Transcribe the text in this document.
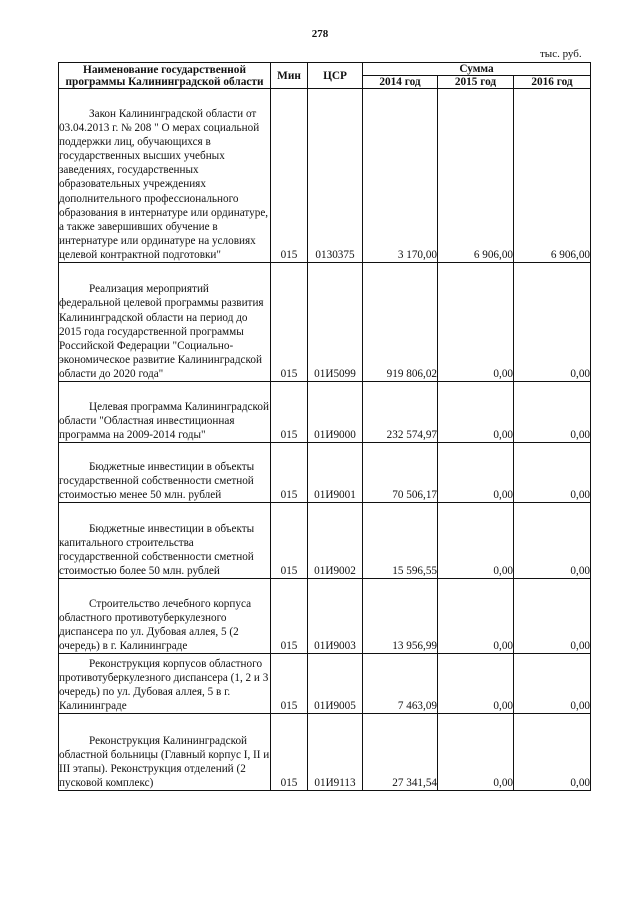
278
тыс. руб.
Наименование государственной программы Калининградской области	Мин	ЦСР	Сумма		
			2014 год	2015 год	2016 год
Закон Калининградской области от 03.04.2013 г. № 208 " О мерах социальной поддержки лиц, обучающихся в государственных высших учебных заведениях, государственных образовательных учреждениях дополнительного профессионального образования в интернатуре или ординатуре, а также завершивших обучение в интернатуре или ординатуре на условиях целевой контрактной подготовки"	015	0130375	3 170,00	6 906,00	6 906,00
Реализация мероприятий федеральной целевой программы развития Калининградской области на период до 2015 года государственной программы Российской Федерации "Социально-экономическое развитие Калининградской области до 2020 года"	015	01И5099	919 806,02	0,00	0,00
Целевая программа Калининградской области "Областная инвестиционная программа на 2009-2014 годы"	015	01И9000	232 574,97	0,00	0,00
Бюджетные инвестиции в объекты государственной собственности сметной стоимостью менее 50 млн. рублей	015	01И9001	70 506,17	0,00	0,00
Бюджетные инвестиции в объекты капитального строительства государственной собственности сметной стоимостью более 50 млн. рублей	015	01И9002	15 596,55	0,00	0,00
Строительство лечебного корпуса областного противотуберкулезного диспансера по ул. Дубовая аллея, 5 (2 очередь) в г. Калининграде	015	01И9003	13 956,99	0,00	0,00
Реконструкция корпусов областного противотуберкулезного диспансера (1, 2 и 3 очередь) по ул. Дубовая аллея, 5 в г. Калининграде	015	01И9005	7 463,09	0,00	0,00
Реконструкция Калининградской областной больницы (Главный корпус I, II и III этапы). Реконструкция отделений (2 пусковой комплекс)	015	01И9113	27 341,54	0,00	0,00
